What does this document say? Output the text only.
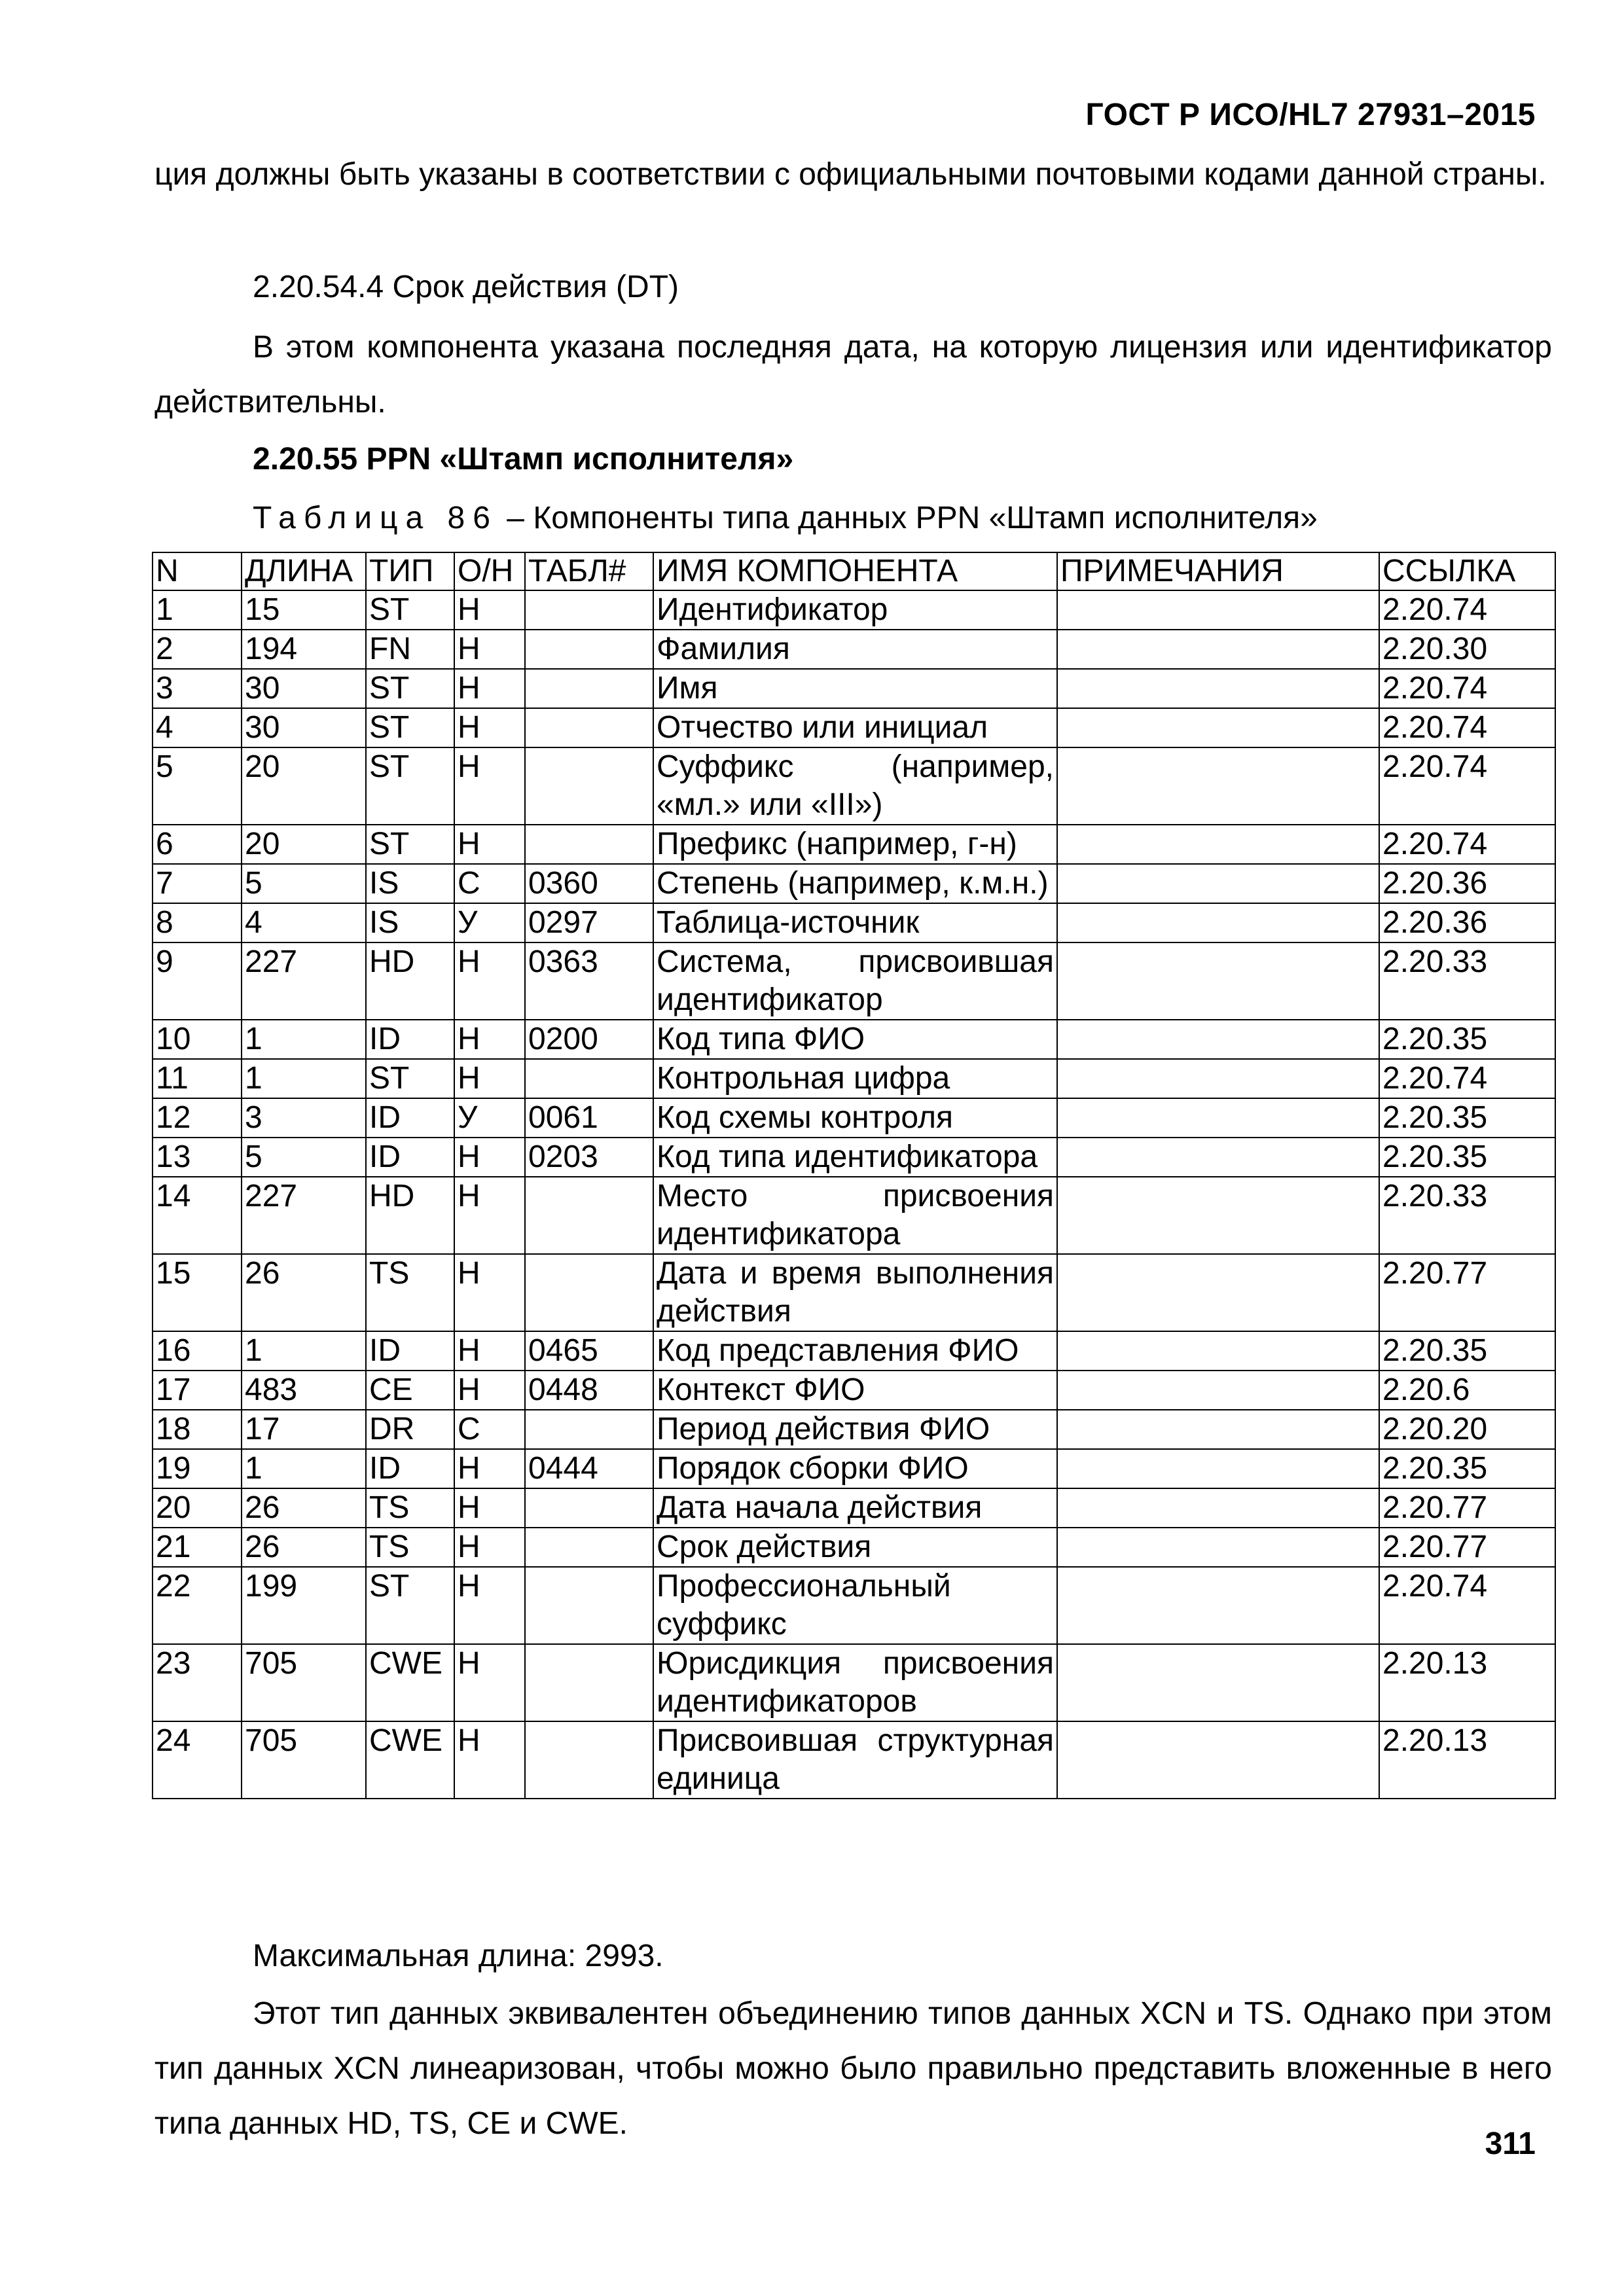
ГОСТ Р ИСО/HL7 27931–2015
ция должны быть указаны в соответствии с официальными почтовыми кодами данной страны.
2.20.54.4 Срок действия (DT)
В этом компонента указана последняя дата, на которую лицензия или идентификатор действительны.
2.20.55 PPN «Штамп исполнителя»
Таблица 86 – Компоненты типа данных PPN «Штамп исполнителя»
N	ДЛИНА	ТИП	О/Н	ТАБЛ#	ИМЯ КОМПОНЕНТА	ПРИМЕЧАНИЯ	ССЫЛКА
1	15	ST	Н		Идентификатор		2.20.74
2	194	FN	Н		Фамилия		2.20.30
3	30	ST	Н		Имя		2.20.74
4	30	ST	Н		Отчество или инициал		2.20.74
5	20	ST	Н		Суффикс (например, «мл.» или «III»)		2.20.74
6	20	ST	Н		Префикс (например, г-н)		2.20.74
7	5	IS	С	0360	Степень (например, к.м.н.)		2.20.36
8	4	IS	У	0297	Таблица-источник		2.20.36
9	227	HD	Н	0363	Система, присвоившая идентификатор		2.20.33
10	1	ID	Н	0200	Код типа ФИО		2.20.35
11	1	ST	Н		Контрольная цифра		2.20.74
12	3	ID	У	0061	Код схемы контроля		2.20.35
13	5	ID	Н	0203	Код типа идентификатора		2.20.35
14	227	HD	Н		Место присвоения идентификатора		2.20.33
15	26	TS	Н		Дата и время выполнения действия		2.20.77
16	1	ID	Н	0465	Код представления ФИО		2.20.35
17	483	CE	Н	0448	Контекст ФИО		2.20.6
18	17	DR	С		Период действия ФИО		2.20.20
19	1	ID	Н	0444	Порядок сборки ФИО		2.20.35
20	26	TS	Н		Дата начала действия		2.20.77
21	26	TS	Н		Срок действия		2.20.77
22	199	ST	Н		Профессиональный суффикс		2.20.74
23	705	CWE	Н		Юрисдикция присвоения идентификаторов		2.20.13
24	705	CWE	Н		Присвоившая структурная единица		2.20.13
Максимальная длина: 2993.
Этот тип данных эквивалентен объединению типов данных XCN и TS. Однако при этом тип данных XCN линеаризован, чтобы можно было правильно представить вложенные в него типа данных HD, TS, CE и CWE.
311
